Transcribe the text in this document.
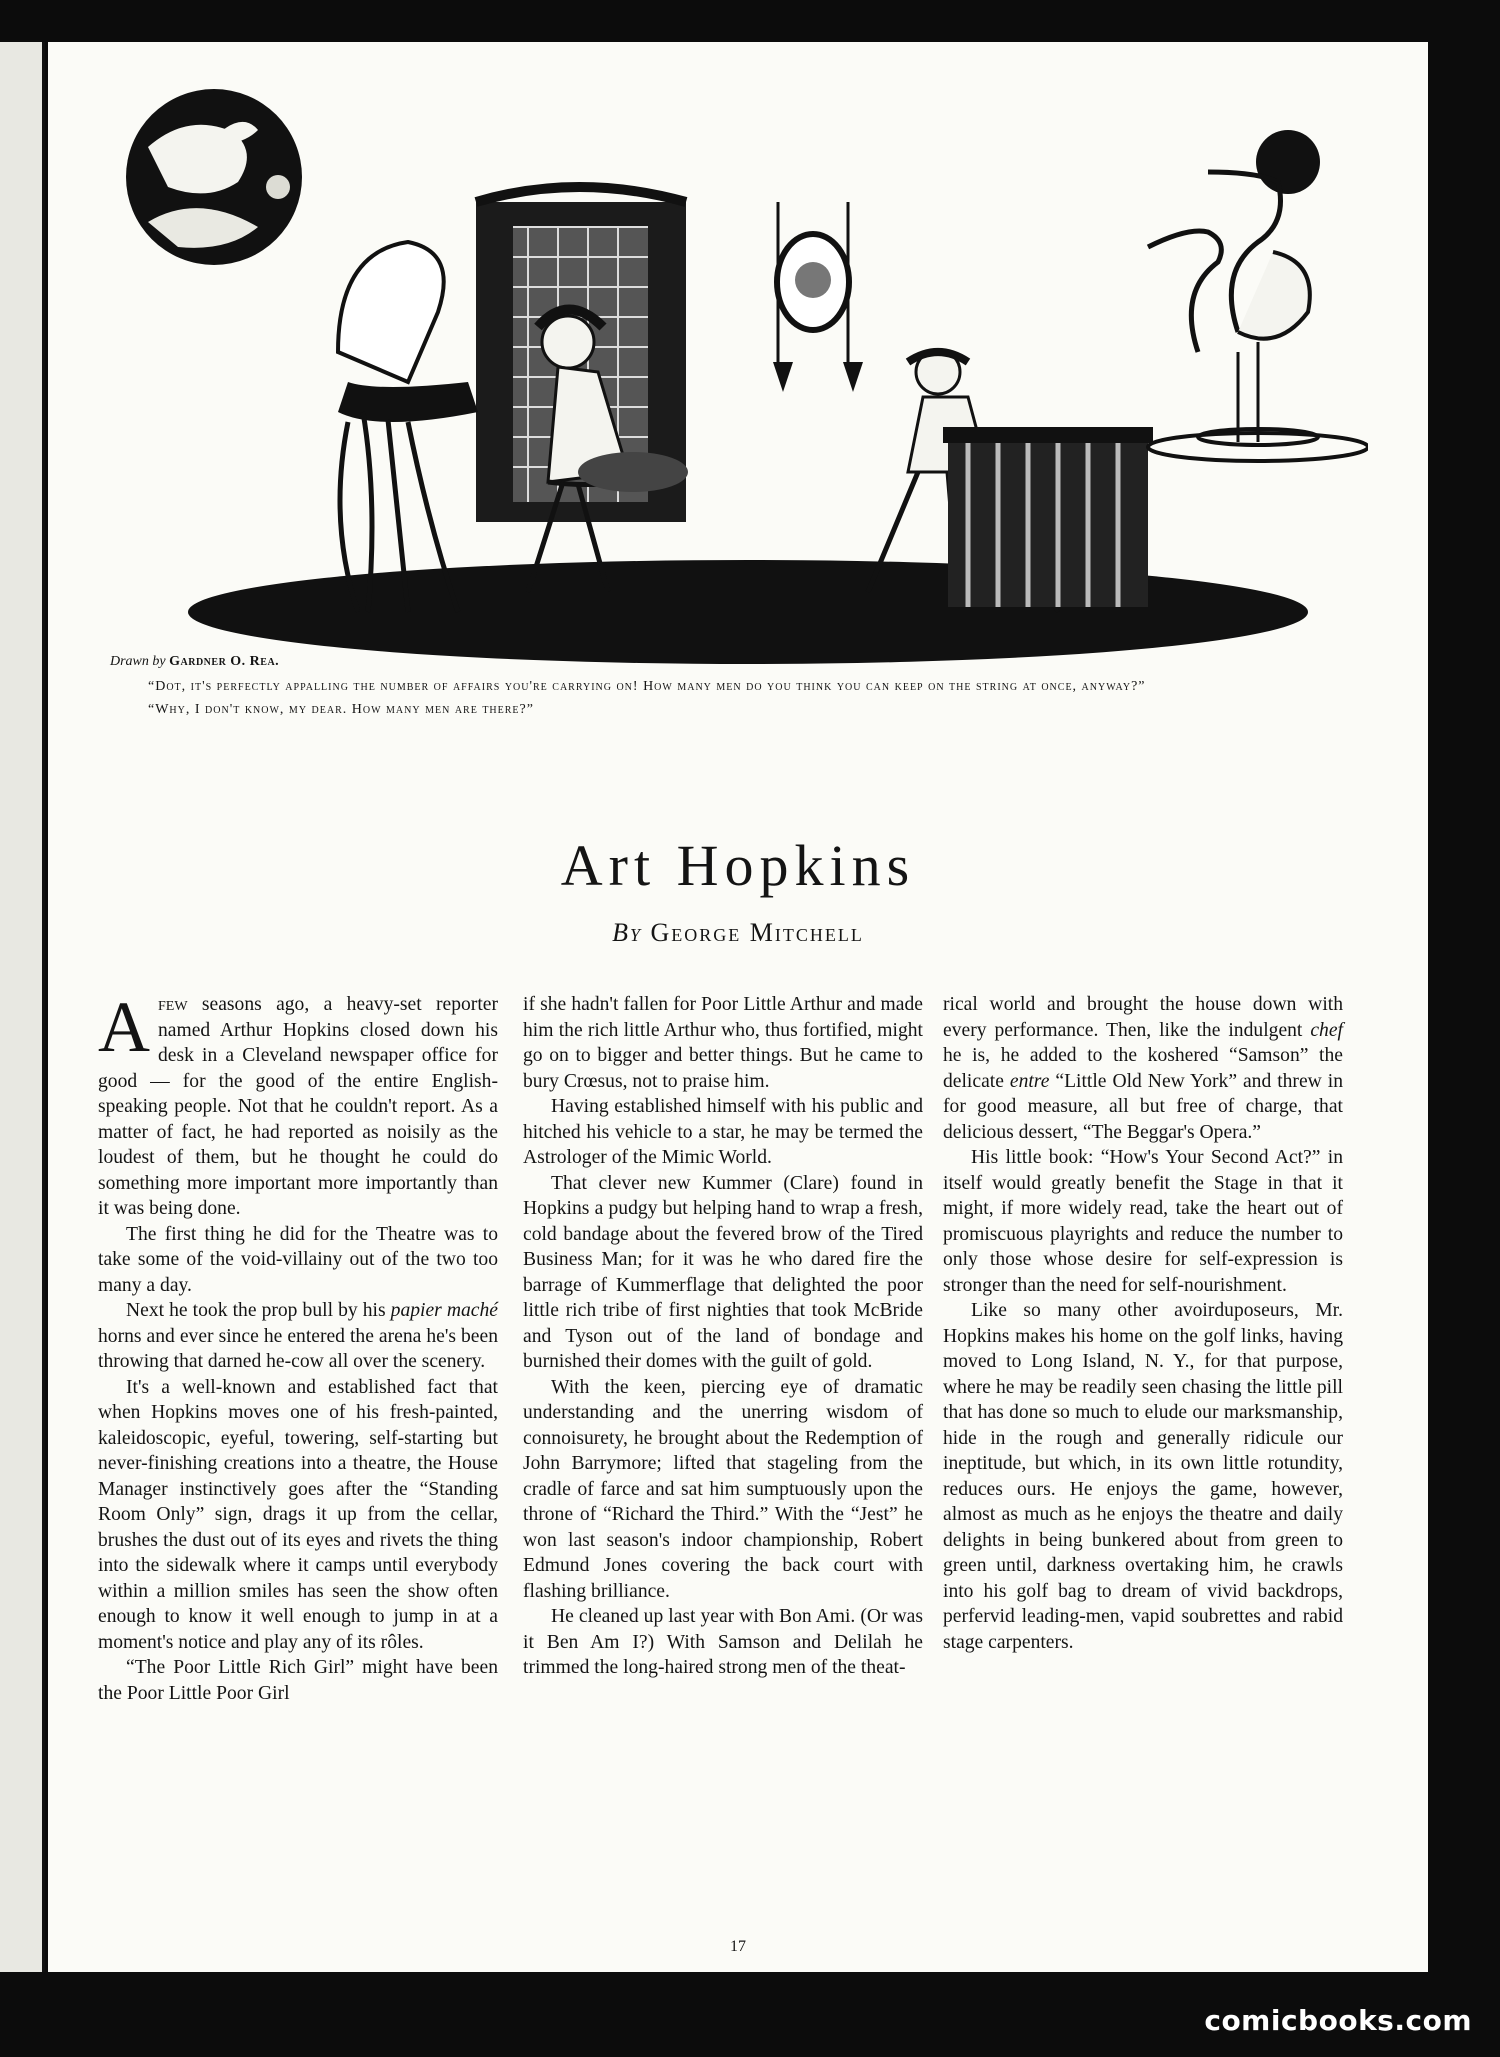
Drawn by Gardner O. Rea.

“Dot, it's perfectly appalling the number of affairs you're carrying on! How many men do you think you can keep on the string at once, anyway?”

“Why, I don't know, my dear. How many men are there?”

Art Hopkins
By George Mitchell

Afew seasons ago, a heavy-set reporter named Arthur Hopkins closed down his desk in a Cleveland newspaper office for good — for the good of the entire English-speaking people. Not that he couldn't report. As a matter of fact, he had reported as noisily as the loudest of them, but he thought he could do something more important more importantly than it was being done.

The first thing he did for the Theatre was to take some of the void-villainy out of the two too many a day.

Next he took the prop bull by his papier maché horns and ever since he entered the arena he's been throwing that darned he-cow all over the scenery.

It's a well-known and established fact that when Hopkins moves one of his fresh-painted, kaleidoscopic, eyeful, towering, self-starting but never-finishing creations into a theatre, the House Manager instinctively goes after the “Standing Room Only” sign, drags it up from the cellar, brushes the dust out of its eyes and rivets the thing into the sidewalk where it camps until everybody within a million smiles has seen the show often enough to know it well enough to jump in at a moment's notice and play any of its rôles.

“The Poor Little Rich Girl” might have been the Poor Little Poor Girl

if she hadn't fallen for Poor Little Arthur and made him the rich little Arthur who, thus fortified, might go on to bigger and better things. But he came to bury Crœsus, not to praise him.

Having established himself with his public and hitched his vehicle to a star, he may be termed the Astrologer of the Mimic World.

That clever new Kummer (Clare) found in Hopkins a pudgy but helping hand to wrap a fresh, cold bandage about the fevered brow of the Tired Business Man; for it was he who dared fire the barrage of Kummerflage that delighted the poor little rich tribe of first nighties that took McBride and Tyson out of the land of bondage and burnished their domes with the guilt of gold.

With the keen, piercing eye of dramatic understanding and the unerring wisdom of connoisurety, he brought about the Redemption of John Barrymore; lifted that stageling from the cradle of farce and sat him sumptuously upon the throne of “Richard the Third.” With the “Jest” he won last season's indoor championship, Robert Edmund Jones covering the back court with flashing brilliance.

He cleaned up last year with Bon Ami. (Or was it Ben Am I?) With Samson and Delilah he trimmed the long-haired strong men of the theat-

rical world and brought the house down with every performance. Then, like the indulgent chef he is, he added to the koshered “Samson” the delicate entre “Little Old New York” and threw in for good measure, all but free of charge, that delicious dessert, “The Beggar's Opera.”

His little book: “How's Your Second Act?” in itself would greatly benefit the Stage in that it might, if more widely read, take the heart out of promiscuous playrights and reduce the number to only those whose desire for self-expression is stronger than the need for self-nourishment.

Like so many other avoirduposeurs, Mr. Hopkins makes his home on the golf links, having moved to Long Island, N. Y., for that purpose, where he may be readily seen chasing the little pill that has done so much to elude our marksmanship, hide in the rough and generally ridicule our ineptitude, but which, in its own little rotundity, reduces ours. He enjoys the game, however, almost as much as he enjoys the theatre and daily delights in being bunkered about from green to green until, darkness overtaking him, he crawls into his golf bag to dream of vivid backdrops, perfervid leading-men, vapid soubrettes and rabid stage carpenters.

17
comicbooks.com
